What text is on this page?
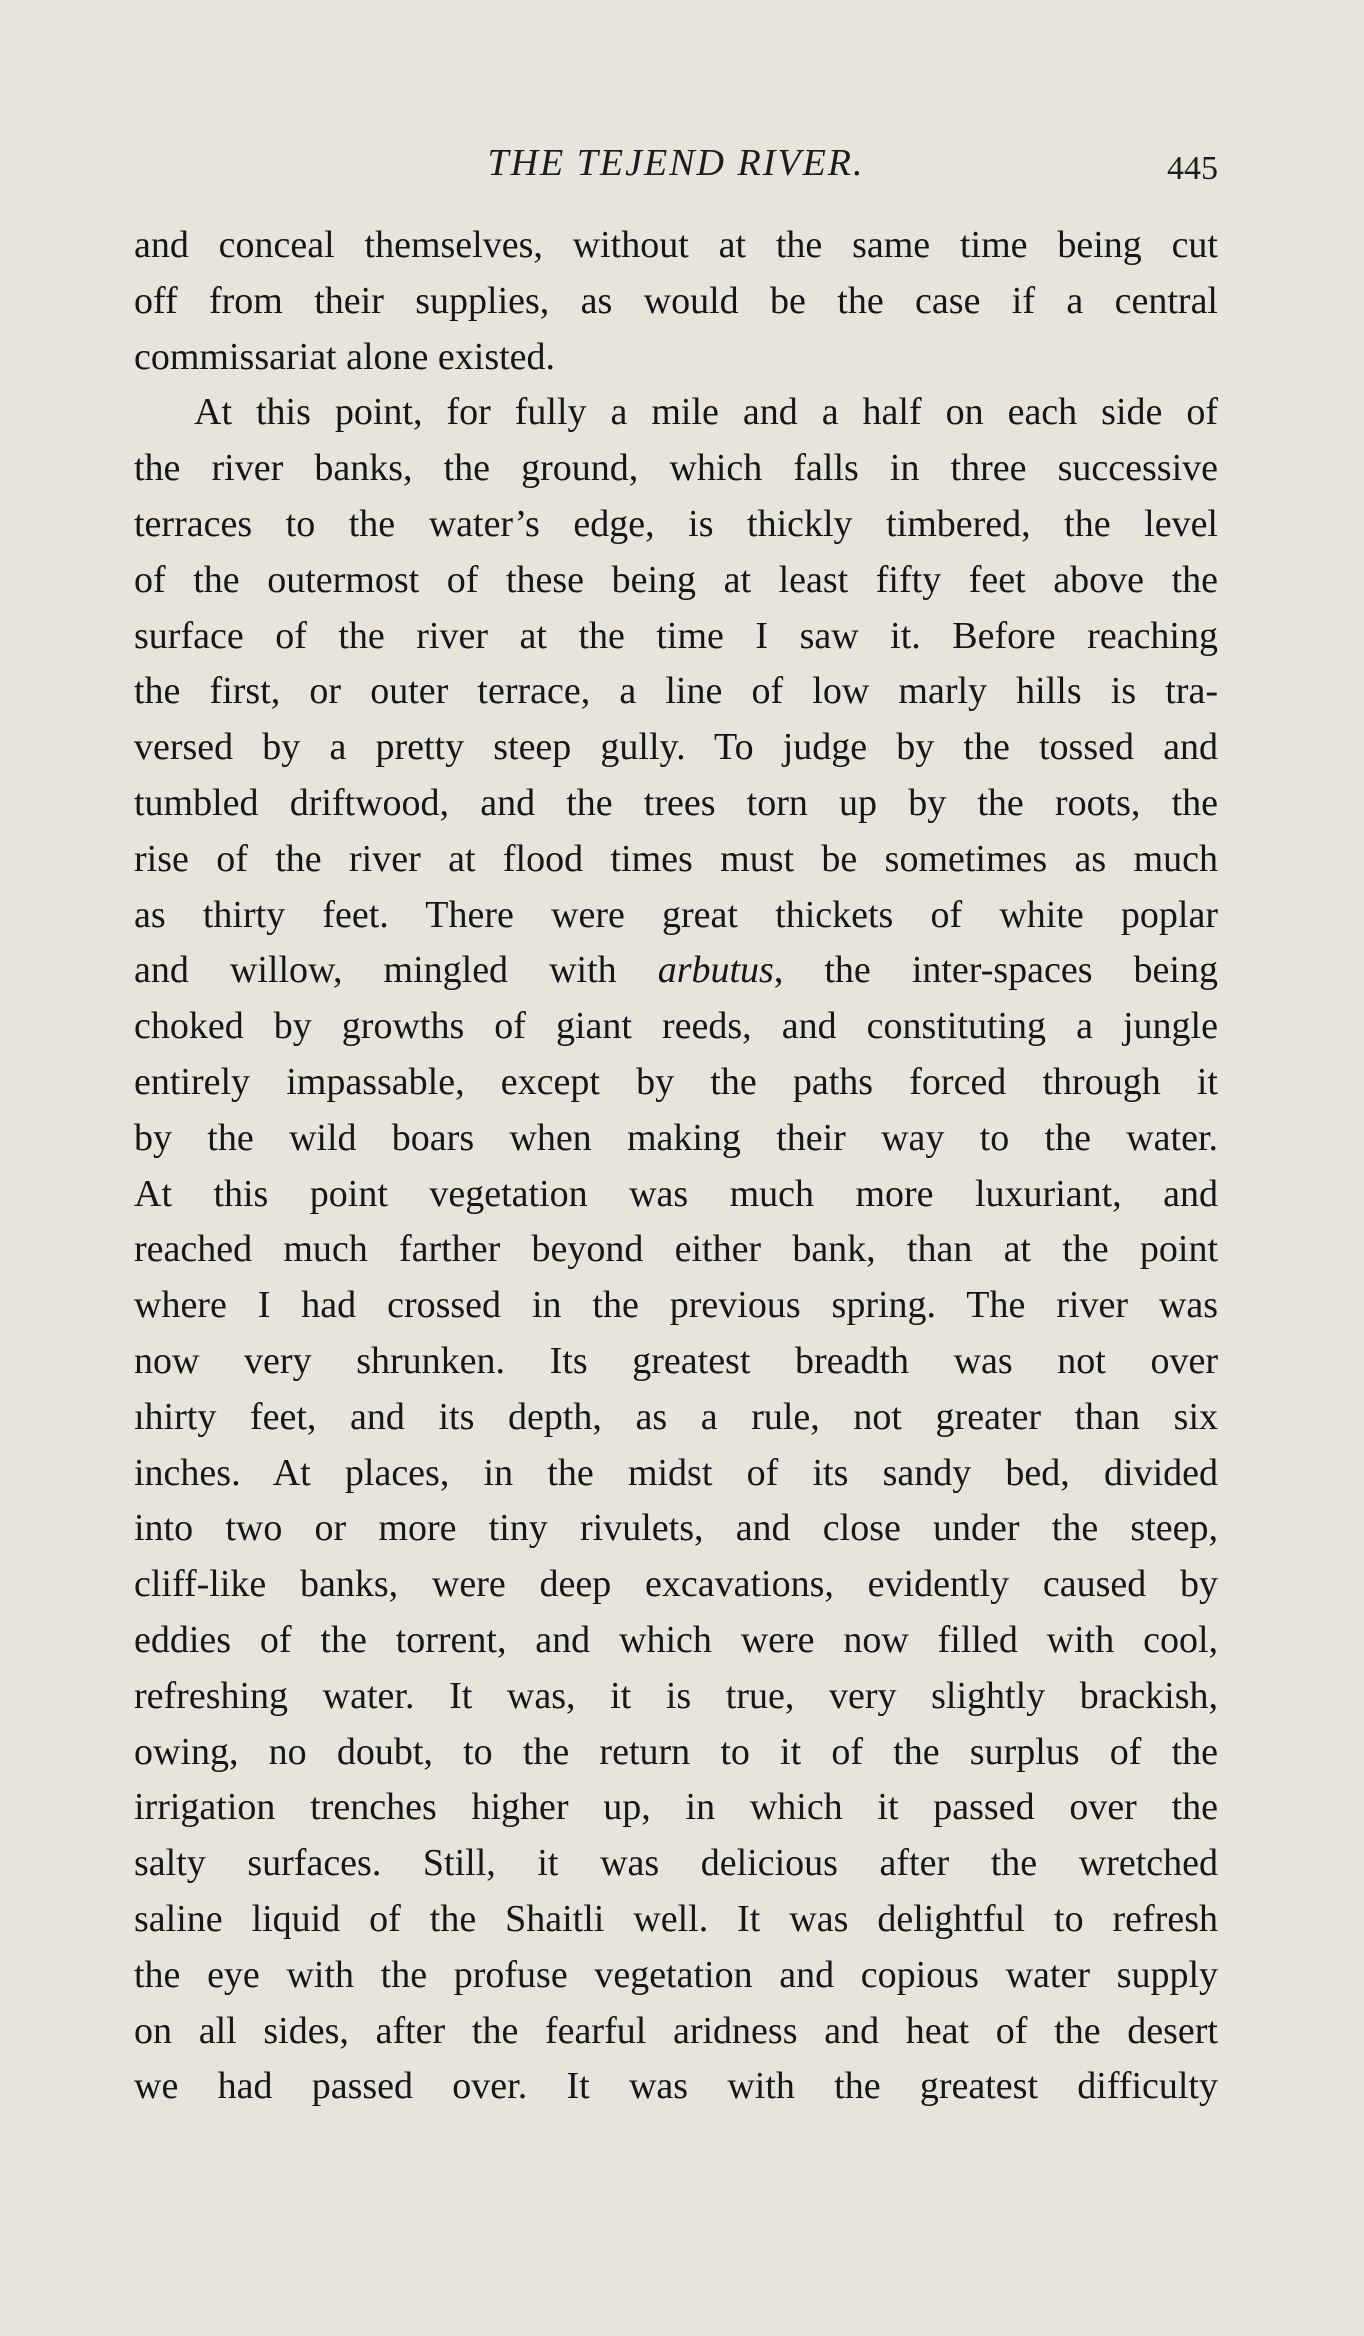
THE TEJEND RIVER.	445
and conceal themselves, without at the same time being cut
off from their supplies, as would be the case if a central
commissariat alone existed.
At this point, for fully a mile and a half on each side of
the river banks, the ground, which falls in three successive
terraces to the water’s edge, is thickly timbered, the level
of the outermost of these being at least fifty feet above the
surface of the river at the time I saw it. Before reaching
the first, or outer terrace, a line of low marly hills is tra-
versed by a pretty steep gully. To judge by the tossed and
tumbled driftwood, and the trees torn up by the roots, the
rise of the river at flood times must be sometimes as much
as thirty feet. There were great thickets of white poplar
and willow, mingled with arbutus, the inter-spaces being
choked by growths of giant reeds, and constituting a jungle
entirely impassable, except by the paths forced through it
by the wild boars when making their way to the water.
At this point vegetation was much more luxuriant, and
reached much farther beyond either bank, than at the point
where I had crossed in the previous spring. The river was
now very shrunken. Its greatest breadth was not over
ıhirty feet, and its depth, as a rule, not greater than six
inches. At places, in the midst of its sandy bed, divided
into two or more tiny rivulets, and close under the steep,
cliff-like banks, were deep excavations, evidently caused by
eddies of the torrent, and which were now filled with cool,
refreshing water. It was, it is true, very slightly brackish,
owing, no doubt, to the return to it of the surplus of the
irrigation trenches higher up, in which it passed over the
salty surfaces. Still, it was delicious after the wretched
saline liquid of the Shaitli well. It was delightful to refresh
the eye with the profuse vegetation and copious water supply
on all sides, after the fearful aridness and heat of the desert
we had passed over. It was with the greatest difficulty
